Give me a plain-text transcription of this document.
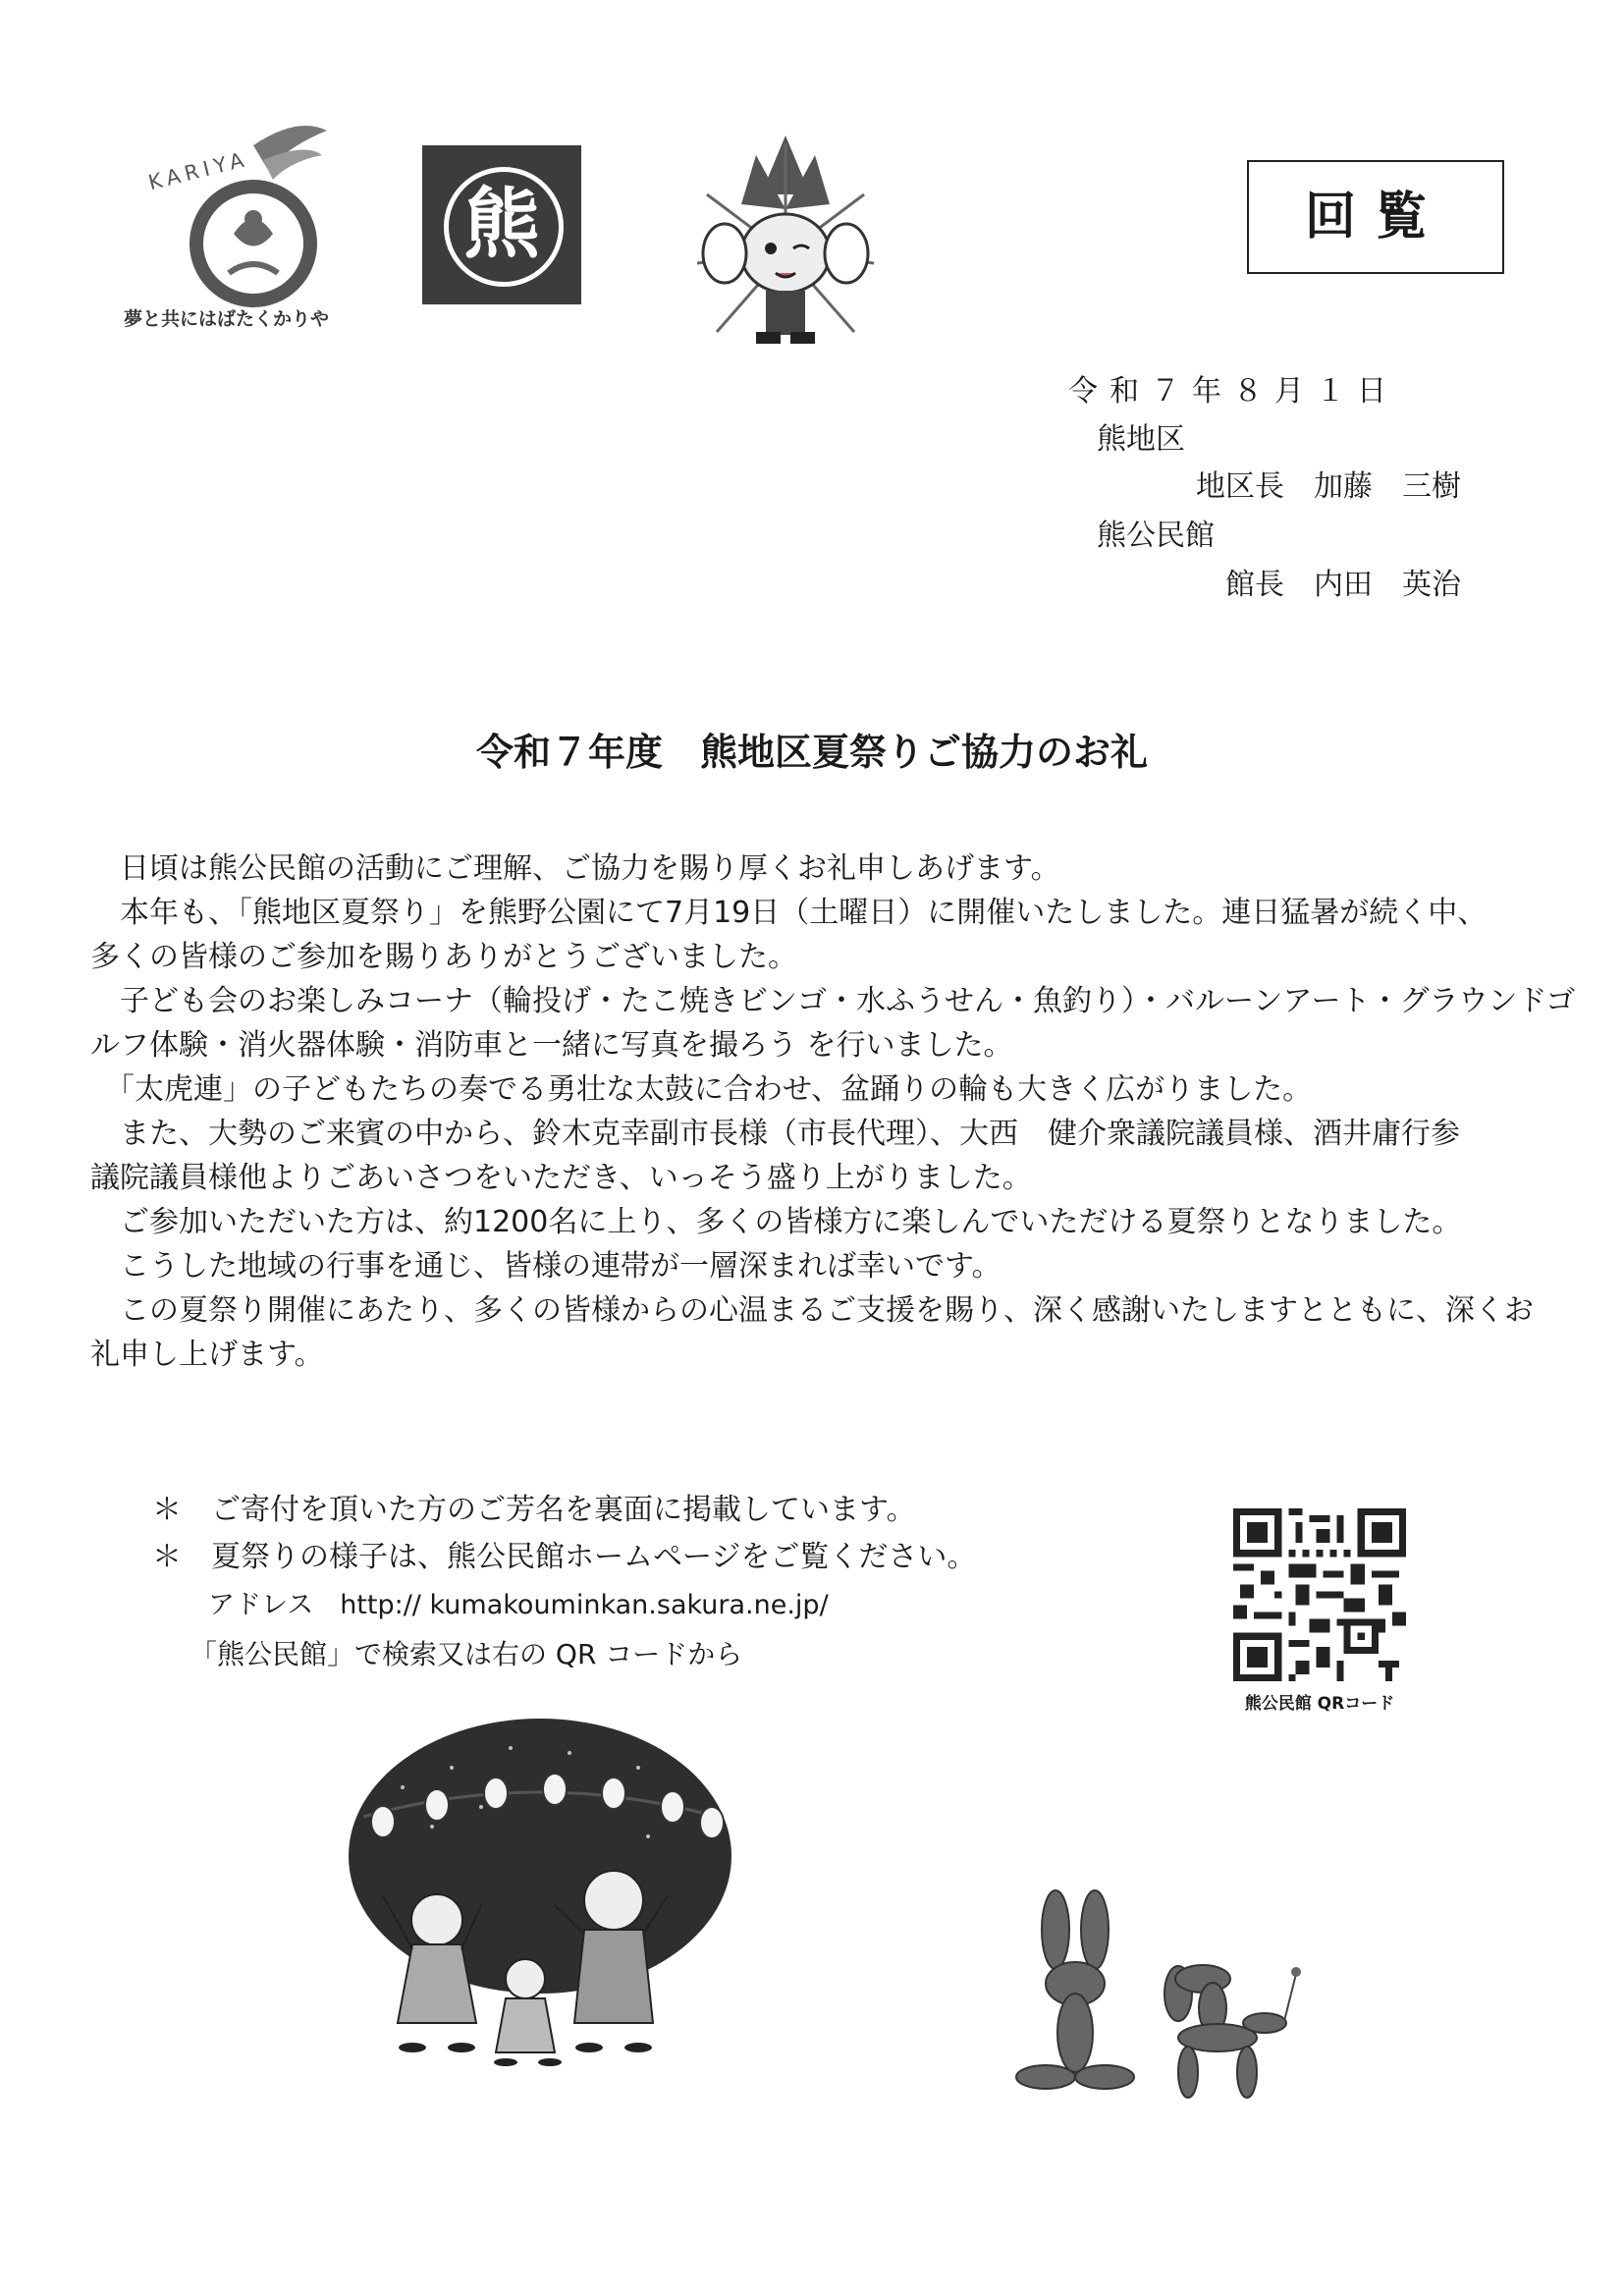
KARIYA
夢と共にはばたくかりや
熊	回覧
令和７年８月１日
熊地区
地区長　加藤　三樹
熊公民館
館長　内田　英治
令和７年度　熊地区夏祭りご協力のお礼

　日頃は熊公民館の活動にご理解、ご協力を賜り厚くお礼申しあげます。

　本年も、「熊地区夏祭り」を熊野公園にて7月19日（土曜日）に開催いたしました。連日猛暑が続く中、

多くの皆様のご参加を賜りありがとうございました。

　子ども会のお楽しみコーナ（輪投げ・たこ焼きビンゴ・水ふうせん・魚釣り）・バルーンアート・グラウンドゴ

ルフ体験・消火器体験・消防車と一緒に写真を撮ろう を行いました。

　「太虎連」の子どもたちの奏でる勇壮な太鼓に合わせ、盆踊りの輪も大きく広がりました。

　また、大勢のご来賓の中から、鈴木克幸副市長様（市長代理）、大西　健介衆議院議員様、酒井庸行参

議院議員様他よりごあいさつをいただき、いっそう盛り上がりました。

　ご参加いただいた方は、約1200名に上り、多くの皆様方に楽しんでいただける夏祭りとなりました。

　こうした地域の行事を通じ、皆様の連帯が一層深まれば幸いです。

　この夏祭り開催にあたり、多くの皆様からの心温まるご支援を賜り、深く感謝いたしますとともに、深くお

礼申し上げます。

＊　ご寄付を頂いた方のご芳名を裏面に掲載しています。
＊　夏祭りの様子は、熊公民館ホームページをご覧ください。
アドレス　http:// kumakouminkan.sakura.ne.jp/
「熊公民館」で検索又は右の QR コードから
熊公民館 QRコード
